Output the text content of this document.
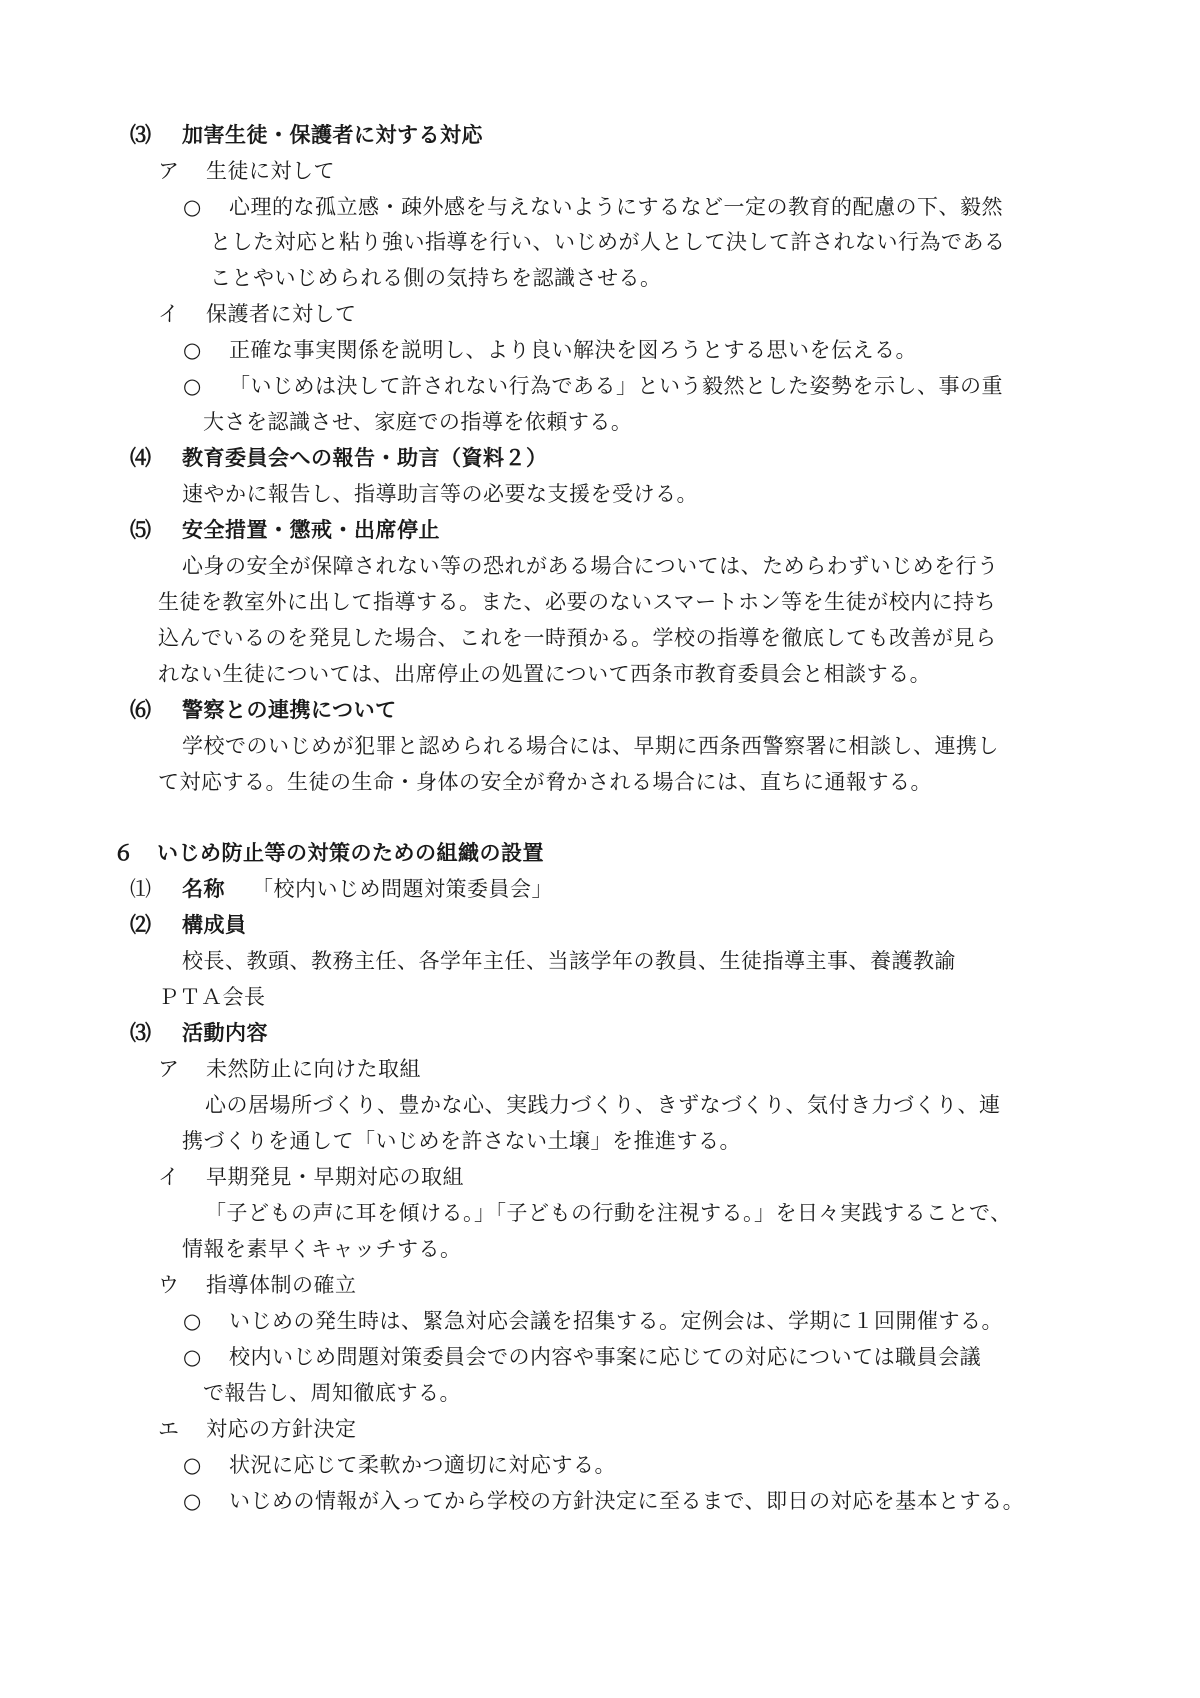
⑶ 加害生徒・保護者に対する対応
ア 生徒に対して
○ 心理的な孤立感・疎外感を与えないようにするなど一定の教育的配慮の下、毅然
とした対応と粘り強い指導を行い、いじめが人として決して許されない行為である
ことやいじめられる側の気持ちを認識させる。
イ 保護者に対して
○ 正確な事実関係を説明し、より良い解決を図ろうとする思いを伝える。
○ 「いじめは決して許されない行為である」という毅然とした姿勢を示し、事の重
大さを認識させ、家庭での指導を依頼する。
⑷ 教育委員会への報告・助言（資料２）
速やかに報告し、指導助言等の必要な支援を受ける。
⑸ 安全措置・懲戒・出席停止
心身の安全が保障されない等の恐れがある場合については、ためらわずいじめを行う
生徒を教室外に出して指導する。また、必要のないスマートホン等を生徒が校内に持ち
込んでいるのを発見した場合、これを一時預かる。学校の指導を徹底しても改善が見ら
れない生徒については、出席停止の処置について西条市教育委員会と相談する。
⑹ 警察との連携について
学校でのいじめが犯罪と認められる場合には、早期に西条西警察署に相談し、連携し
て対応する。生徒の生命・身体の安全が脅かされる場合には、直ちに通報する。
６ いじめ防止等の対策のための組織の設置
⑴ 名称 「校内いじめ問題対策委員会」
⑵ 構成員
校長、教頭、教務主任、各学年主任、当該学年の教員、生徒指導主事、養護教諭
ＰＴＡ会長
⑶ 活動内容
ア 未然防止に向けた取組
心の居場所づくり、豊かな心、実践力づくり、きずなづくり、気付き力づくり、連
携づくりを通して「いじめを許さない土壌」を推進する。
イ 早期発見・早期対応の取組
「子どもの声に耳を傾ける。」「子どもの行動を注視する。」を日々実践することで、
情報を素早くキャッチする。
ウ 指導体制の確立
○ いじめの発生時は、緊急対応会議を招集する。定例会は、学期に１回開催する。
○ 校内いじめ問題対策委員会での内容や事案に応じての対応については職員会議
で報告し、周知徹底する。
エ 対応の方針決定
○ 状況に応じて柔軟かつ適切に対応する。
○ いじめの情報が入ってから学校の方針決定に至るまで、即日の対応を基本とする。
